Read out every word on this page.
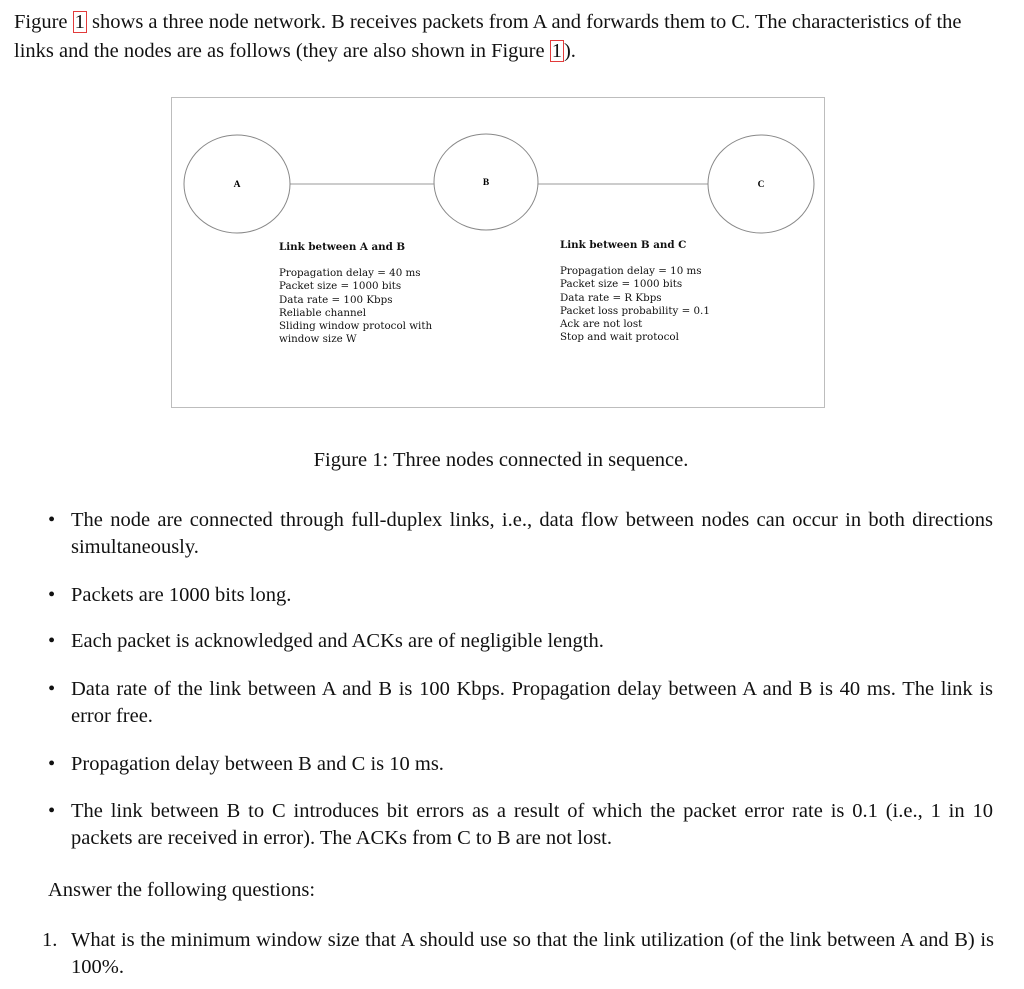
Figure 1 shows a three node network. B receives packets from A and forwards them to C. The characteristics of the links and the nodes are as follows (they are also shown in Figure 1).

A	B	C
Link between A and B
Propagation delay = 40 ms
Packet size = 1000 bits
Data rate = 100 Kbps
Reliable channel
Sliding window protocol with
window size W
Link between B and C
Propagation delay = 10 ms
Packet size = 1000 bits
Data rate = R Kbps
Packet loss probability = 0.1
Ack are not lost
Stop and wait protocol
Figure 1: Three nodes connected in sequence.
• The node are connected through full-duplex links, i.e., data flow between nodes can occur in both directions simultaneously.
• Packets are 1000 bits long.
• Each packet is acknowledged and ACKs are of negligible length.
• Data rate of the link between A and B is 100 Kbps. Propagation delay between A and B is 40 ms. The link is error free.
• Propagation delay between B and C is 10 ms.
• The link between B to C introduces bit errors as a result of which the packet error rate is 0.1 (i.e., 1 in 10 packets are received in error). The ACKs from C to B are not lost.
Answer the following questions:
1. What is the minimum window size that A should use so that the link utilization (of the link between A and B) is 100%.
